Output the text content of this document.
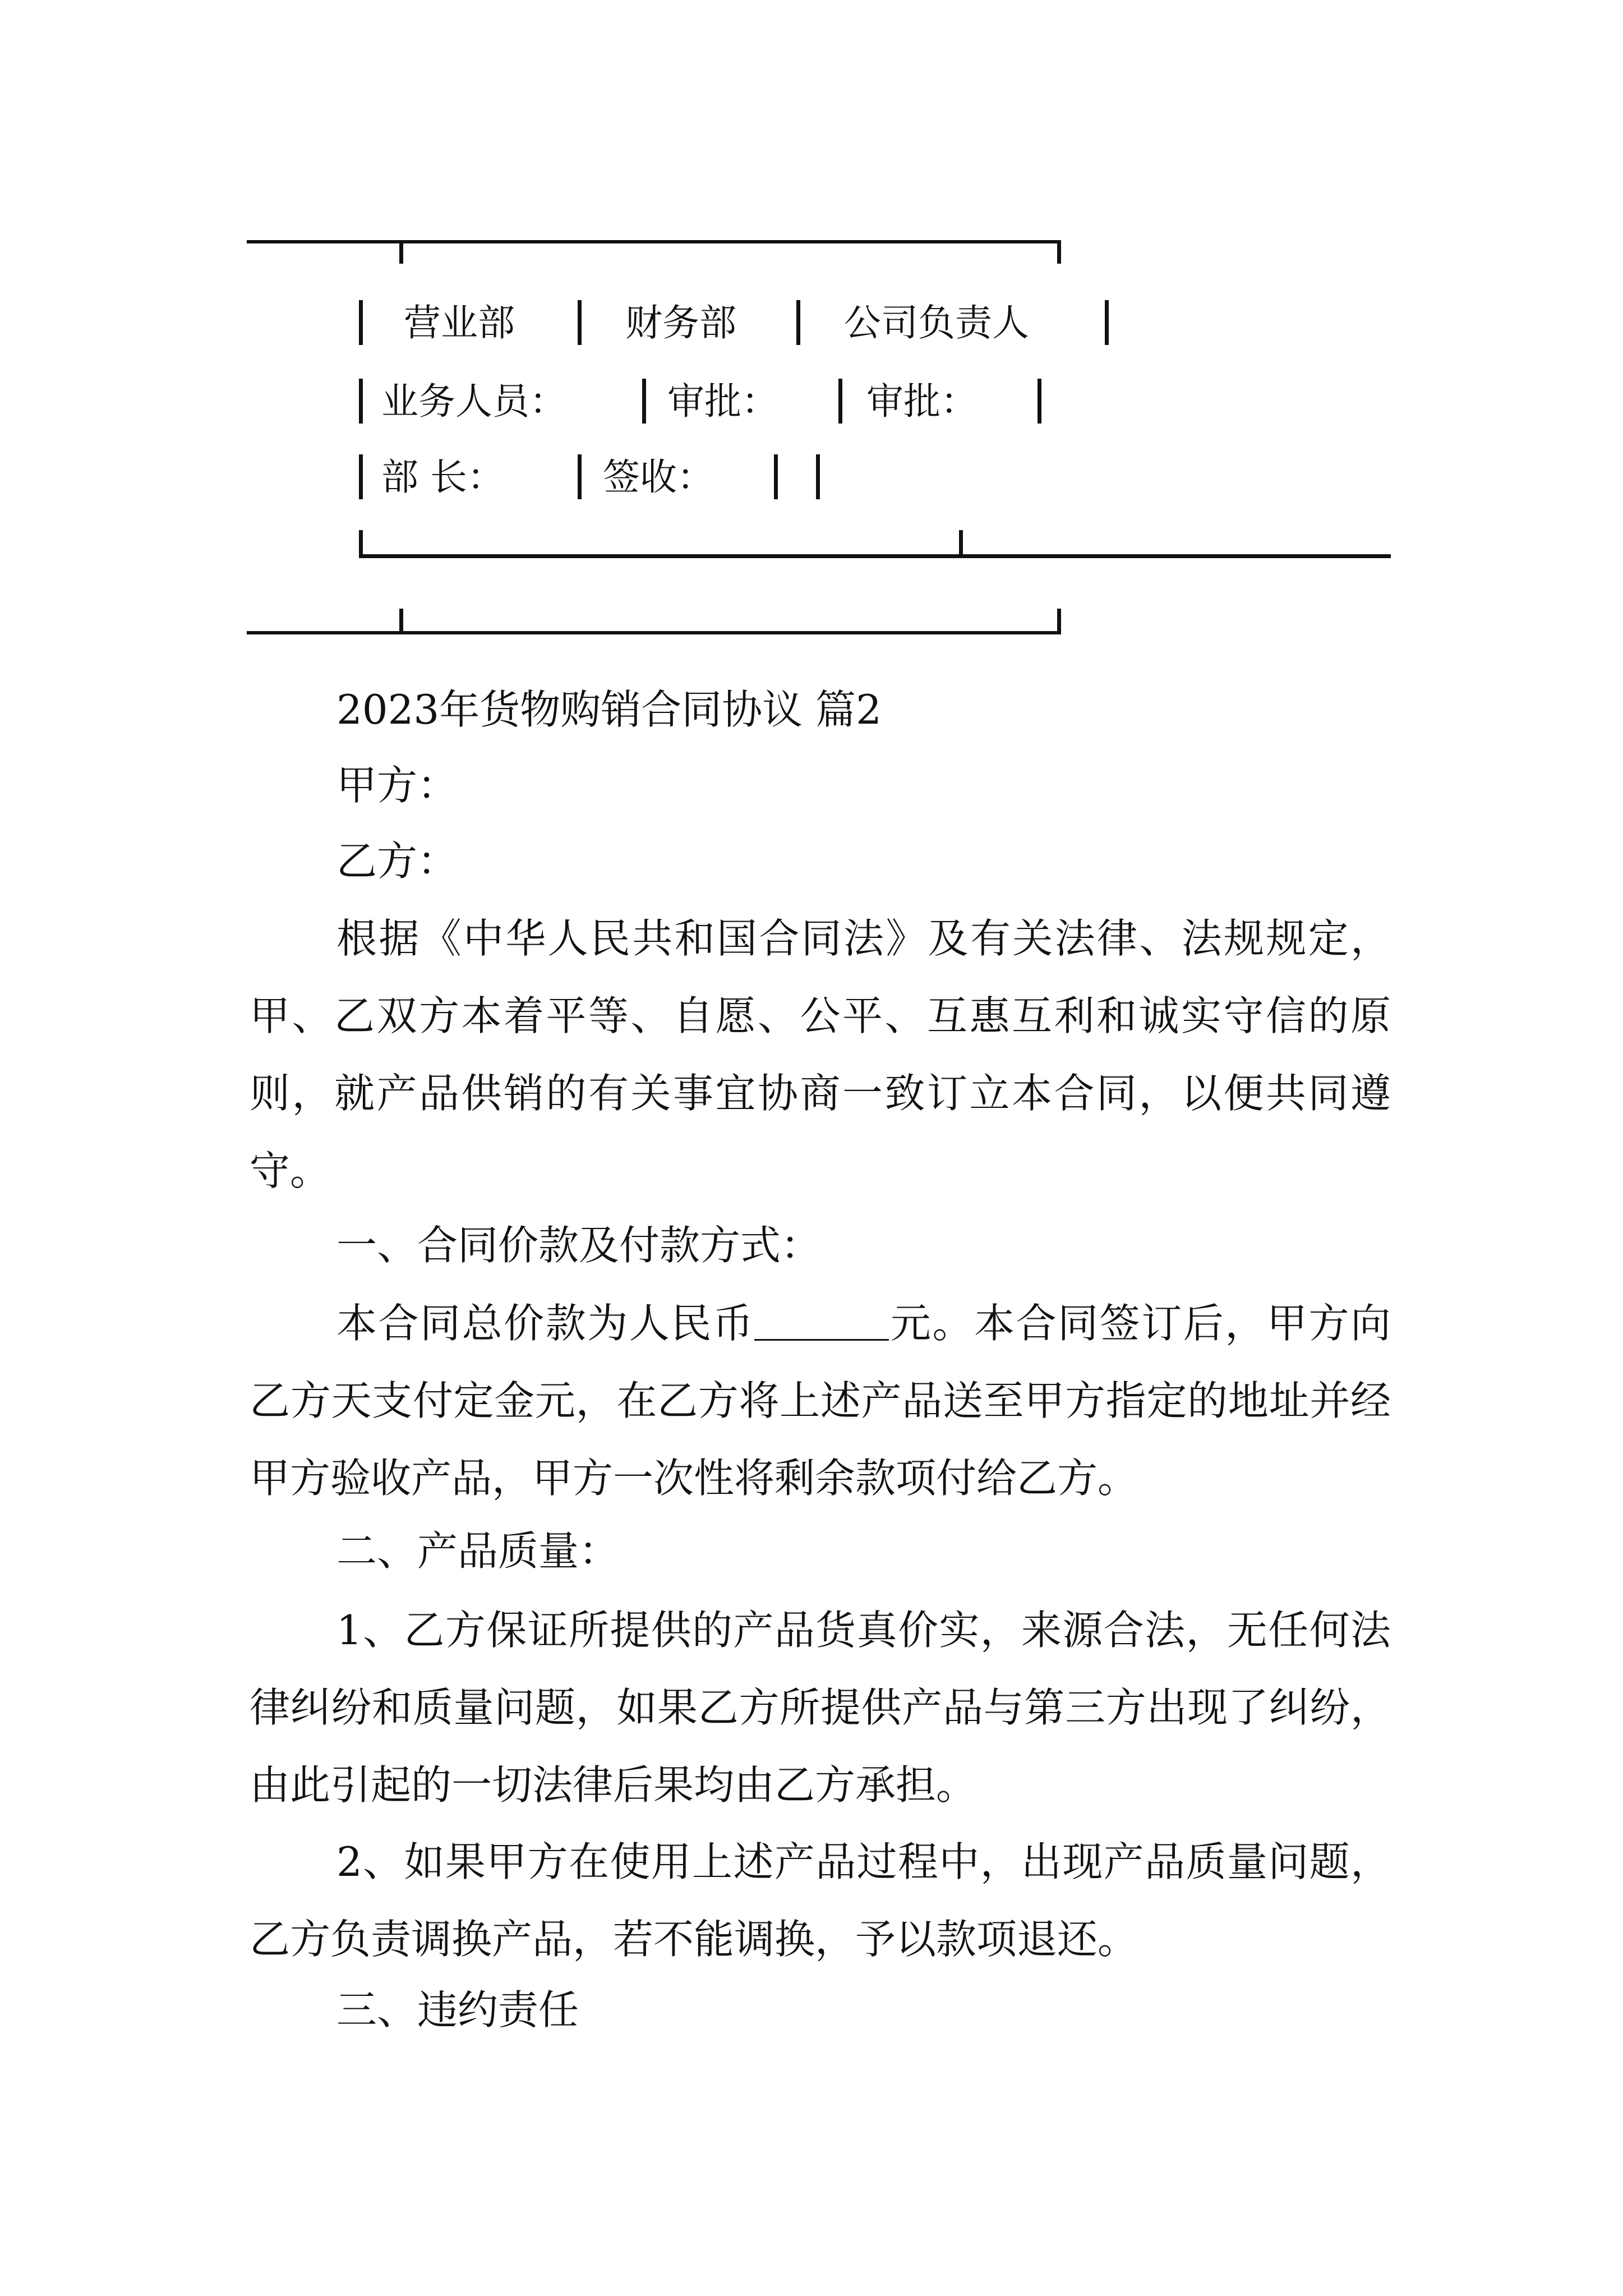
营业部	财务部	公司负责人
业务人员：	审批： 审批：
部 长：	签收：
2023年货物购销合同协议 篇2
甲方：
乙方：
根据《中华人民共和国合同法》及有关法律、法规规定，甲、乙双方本着平等、自愿、公平、互惠互利和诚实守信的原则，就产品供销的有关事宜协商一致订立本合同，以便共同遵守。
一、合同价款及付款方式：
本合同总价款为人民币	元。本合同签订后，甲方向乙方天支付定金元，在乙方将上述产品送至甲方指定的地址并经甲方验收产品，甲方一次性将剩余款项付给乙方。
二、产品质量：
1、乙方保证所提供的产品货真价实，来源合法，无任何法律纠纷和质量问题，如果乙方所提供产品与第三方出现了纠纷，由此引起的一切法律后果均由乙方承担。
2、如果甲方在使用上述产品过程中，出现产品质量问题，乙方负责调换产品，若不能调换，予以款项退还。
三、违约责任
